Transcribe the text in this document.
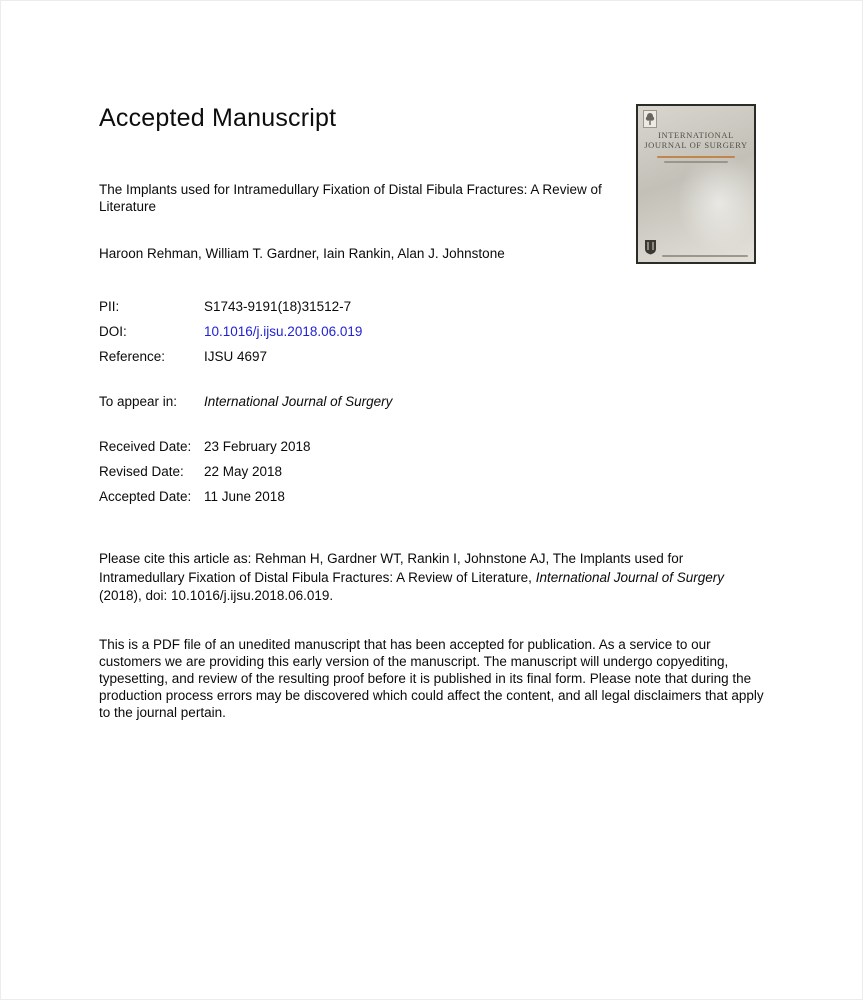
INTERNATIONAL
JOURNAL OF SURGERY
Accepted Manuscript

The Implants used for Intramedullary Fixation of Distal Fibula Fractures: A Review of Literature

Haroon Rehman, William T. Gardner, Iain Rankin, Alan J. Johnstone

PII:	S1743-9191(18)31512-7
DOI:	10.1016/j.ijsu.2018.06.019
Reference:	IJSU 4697
To appear in:	International Journal of Surgery
Received Date: 23 February 2018
Revised Date:	22 May 2018
Accepted Date: 11 June 2018

Please cite this article as: Rehman H, Gardner WT, Rankin I, Johnstone AJ, The Implants used for Intramedullary Fixation of Distal Fibula Fractures: A Review of Literature, International Journal of Surgery (2018), doi: 10.1016/j.ijsu.2018.06.019.

This is a PDF file of an unedited manuscript that has been accepted for publication. As a service to our customers we are providing this early version of the manuscript. The manuscript will undergo copyediting, typesetting, and review of the resulting proof before it is published in its final form. Please note that during the production process errors may be discovered which could affect the content, and all legal disclaimers that apply to the journal pertain.
